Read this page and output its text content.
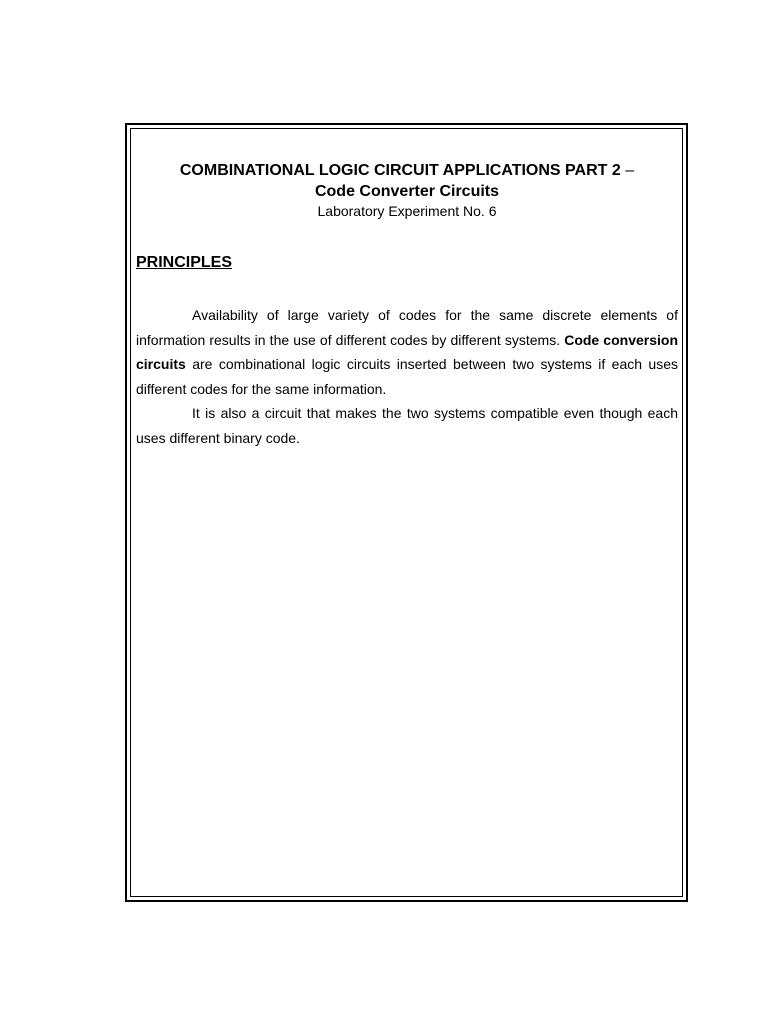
COMBINATIONAL LOGIC CIRCUIT APPLICATIONS PART 2 –
Code Converter Circuits
Laboratory Experiment No. 6
PRINCIPLES

Availability of large variety of codes for the same discrete elements of information results in the use of different codes by different systems. Code conversion circuits are combinational logic circuits inserted between two systems if each uses different codes for the same information.

It is also a circuit that makes the two systems compatible even though each uses different binary code.
